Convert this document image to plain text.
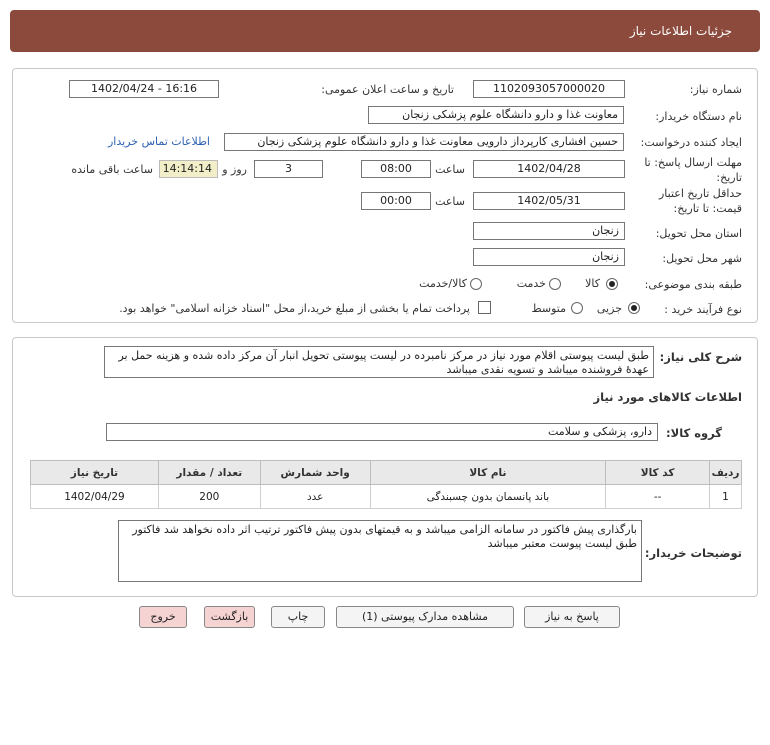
جزئیات اطلاعات نیاز
شماره نیاز:
1102093057000020
تاریخ و ساعت اعلان عمومی:
1402/04/24 - 16:16
نام دستگاه خریدار:
معاونت غذا و دارو دانشگاه علوم پزشکی زنجان
ایجاد کننده درخواست:
حسین افشاری کارپرداز دارویی معاونت غذا و دارو دانشگاه علوم پزشکی زنجان
اطلاعات تماس خریدار
مهلت ارسال پاسخ: تا
تاریخ:
1402/04/28
ساعت
08:00
3
روز و
14:14:14
ساعت باقی مانده
حداقل تاریخ اعتبار
قیمت: تا تاریخ:
1402/05/31
ساعت
00:00
استان محل تحویل:
زنجان
شهر محل تحویل:
زنجان
طبقه بندی موضوعی:
کالا
خدمت
کالا/خدمت
نوع فرآیند خرید :
جزیی
متوسط
پرداخت تمام یا بخشی از مبلغ خرید،از محل "اسناد خزانه اسلامی" خواهد بود.
شرح کلی نیاز:
طبق لیست پیوستی اقلام مورد نیاز در مرکز نامبرده در لیست پیوستی تحویل انبار آن مرکز داده شده و هزینه حمل بر عهدهٔ فروشنده میباشد و تسویه نقدی میباشد
اطلاعات کالاهای مورد نیاز
گروه کالا:
دارو، پزشکی و سلامت
ردیف	کد کالا	نام کالا	واحد شمارش	تعداد / مقدار	تاریخ نیاز
1	--	باند پانسمان بدون چسبندگی	عدد	200	1402/04/29
توضیحات خریدار:
بارگذاری پیش فاکتور در سامانه الزامی میباشد و به قیمتهای بدون پیش فاکتور ترتیب اثر داده نخواهد شد فاکتور طبق لیست پیوست معتبر میباشد
پاسخ به نیاز
مشاهده مدارک پیوستی (1)
چاپ
بازگشت
خروج
